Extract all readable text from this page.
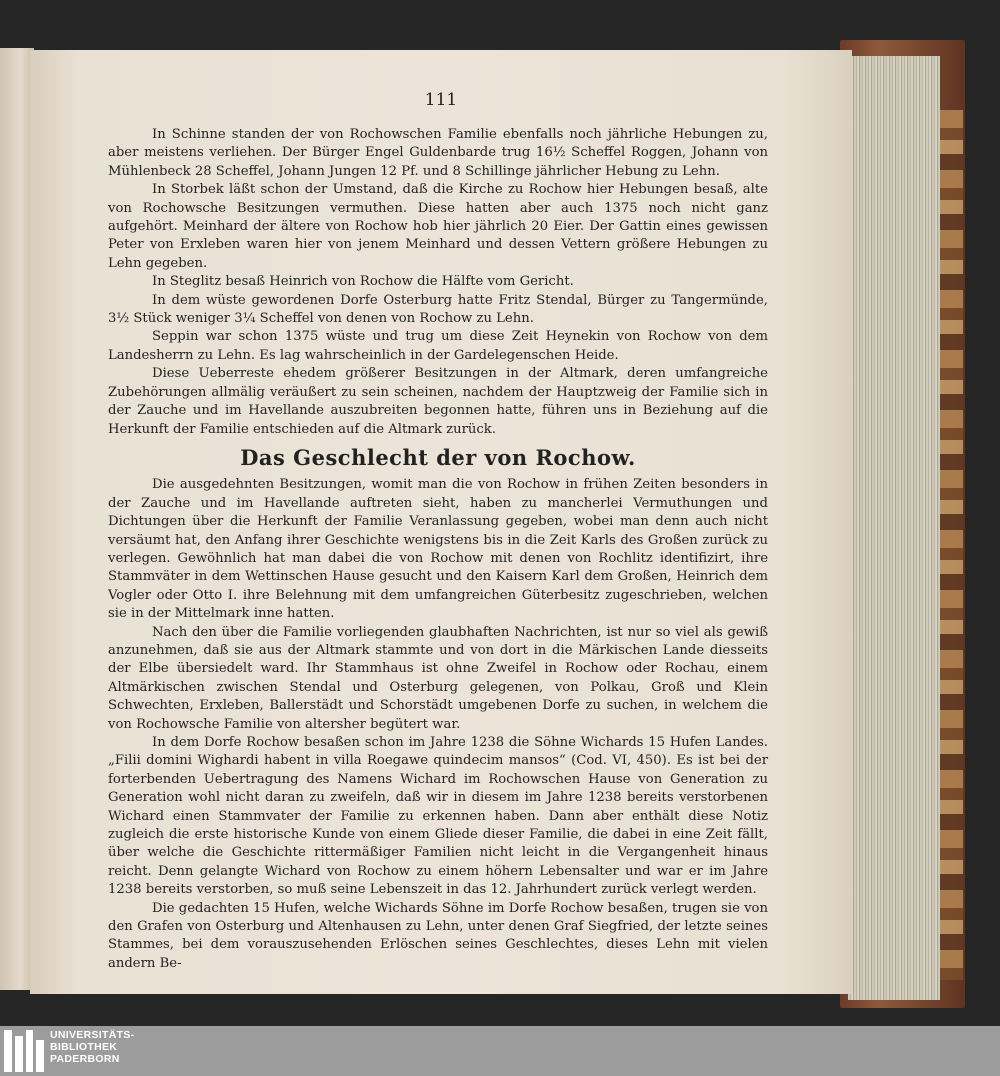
111

In Schinne standen der von Rochowschen Familie ebenfalls noch jährliche Hebungen zu, aber meistens verliehen. Der Bürger Engel Guldenbarde trug 16½ Scheffel Roggen, Johann von Mühlenbeck 28 Scheffel, Johann Jungen 12 Pf. und 8 Schillinge jährlicher Hebung zu Lehn.

In Storbek läßt schon der Umstand, daß die Kirche zu Rochow hier Hebungen besaß, alte von Rochowsche Besitzungen vermuthen. Diese hatten aber auch 1375 noch nicht ganz aufgehört. Meinhard der ältere von Rochow hob hier jährlich 20 Eier. Der Gattin eines gewissen Peter von Erxleben waren hier von jenem Meinhard und dessen Vettern größere Hebungen zu Lehn gegeben.

In Steglitz besaß Heinrich von Rochow die Hälfte vom Gericht.

In dem wüste gewordenen Dorfe Osterburg hatte Fritz Stendal, Bürger zu Tangermünde, 3½ Stück weniger 3¼ Scheffel von denen von Rochow zu Lehn.

Seppin war schon 1375 wüste und trug um diese Zeit Heynekin von Rochow von dem Landesherrn zu Lehn. Es lag wahrscheinlich in der Gardelegenschen Heide.

Diese Ueberreste ehedem größerer Besitzungen in der Altmark, deren umfangreiche Zubehörungen allmälig veräußert zu sein scheinen, nachdem der Hauptzweig der Familie sich in der Zauche und im Havellande auszubreiten begonnen hatte, führen uns in Beziehung auf die Herkunft der Familie entschieden auf die Altmark zurück.

Das Geschlecht der von Rochow.

Die ausgedehnten Besitzungen, womit man die von Rochow in frühen Zeiten besonders in der Zauche und im Havellande auftreten sieht, haben zu mancherlei Vermuthungen und Dichtungen über die Herkunft der Familie Veranlassung gegeben, wobei man denn auch nicht versäumt hat, den Anfang ihrer Geschichte wenigstens bis in die Zeit Karls des Großen zurück zu verlegen. Gewöhnlich hat man dabei die von Rochow mit denen von Rochlitz identifizirt, ihre Stammväter in dem Wettinschen Hause gesucht und den Kaisern Karl dem Großen, Heinrich dem Vogler oder Otto I. ihre Belehnung mit dem umfangreichen Güterbesitz zugeschrieben, welchen sie in der Mittelmark inne hatten.

Nach den über die Familie vorliegenden glaubhaften Nachrichten, ist nur so viel als gewiß anzunehmen, daß sie aus der Altmark stammte und von dort in die Märkischen Lande diesseits der Elbe übersiedelt ward. Ihr Stammhaus ist ohne Zweifel in Rochow oder Rochau, einem Altmärkischen zwischen Stendal und Osterburg gelegenen, von Polkau, Groß und Klein Schwechten, Erxleben, Ballerstädt und Schorstädt umgebenen Dorfe zu suchen, in welchem die von Rochowsche Familie von altersher begütert war.

In dem Dorfe Rochow besaßen schon im Jahre 1238 die Söhne Wichards 15 Hufen Landes. „Filii domini Wighardi habent in villa Roegawe quindecim mansos“ (Cod. VI, 450). Es ist bei der forterbenden Uebertragung des Namens Wichard im Rochowschen Hause von Generation zu Generation wohl nicht daran zu zweifeln, daß wir in diesem im Jahre 1238 bereits verstorbenen Wichard einen Stammvater der Familie zu erkennen haben. Dann aber enthält diese Notiz zugleich die erste historische Kunde von einem Gliede dieser Familie, die dabei in eine Zeit fällt, über welche die Geschichte rittermäßiger Familien nicht leicht in die Vergangenheit hinaus reicht. Denn gelangte Wichard von Rochow zu einem höhern Lebensalter und war er im Jahre 1238 bereits verstorben, so muß seine Lebenszeit in das 12. Jahrhundert zurück verlegt werden.

Die gedachten 15 Hufen, welche Wichards Söhne im Dorfe Rochow besaßen, trugen sie von den Grafen von Osterburg und Altenhausen zu Lehn, unter denen Graf Siegfried, der letzte seines Stammes, bei dem vorauszusehenden Erlöschen seines Geschlechtes, dieses Lehn mit vielen andern Be-

UNIVERSITÄTS-
BIBLIOTHEK
PADERBORN
